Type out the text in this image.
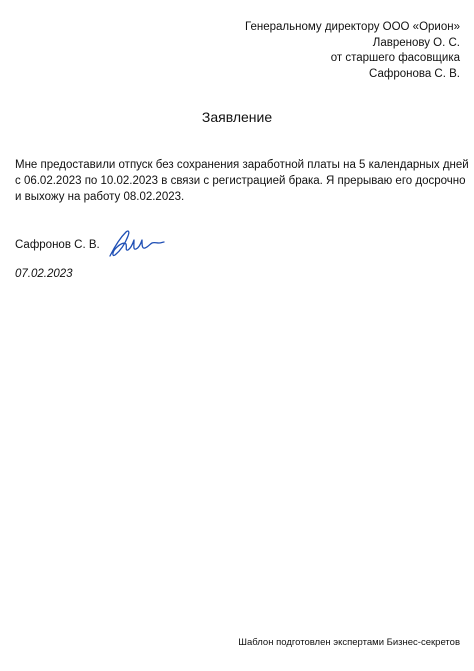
Генеральному директору ООО «Орион»
Лавренову О. С.
от старшего фасовщика
Сафронова С. В.
Заявление
Мне предоставили отпуск без сохранения заработной платы на 5 календарных дней
с 06.02.2023 по 10.02.2023 в связи с регистрацией брака. Я прерываю его досрочно
и выхожу на работу 08.02.2023.
Сафронов С. В.
07.02.2023
Шаблон подготовлен экспертами Бизнес-секретов
